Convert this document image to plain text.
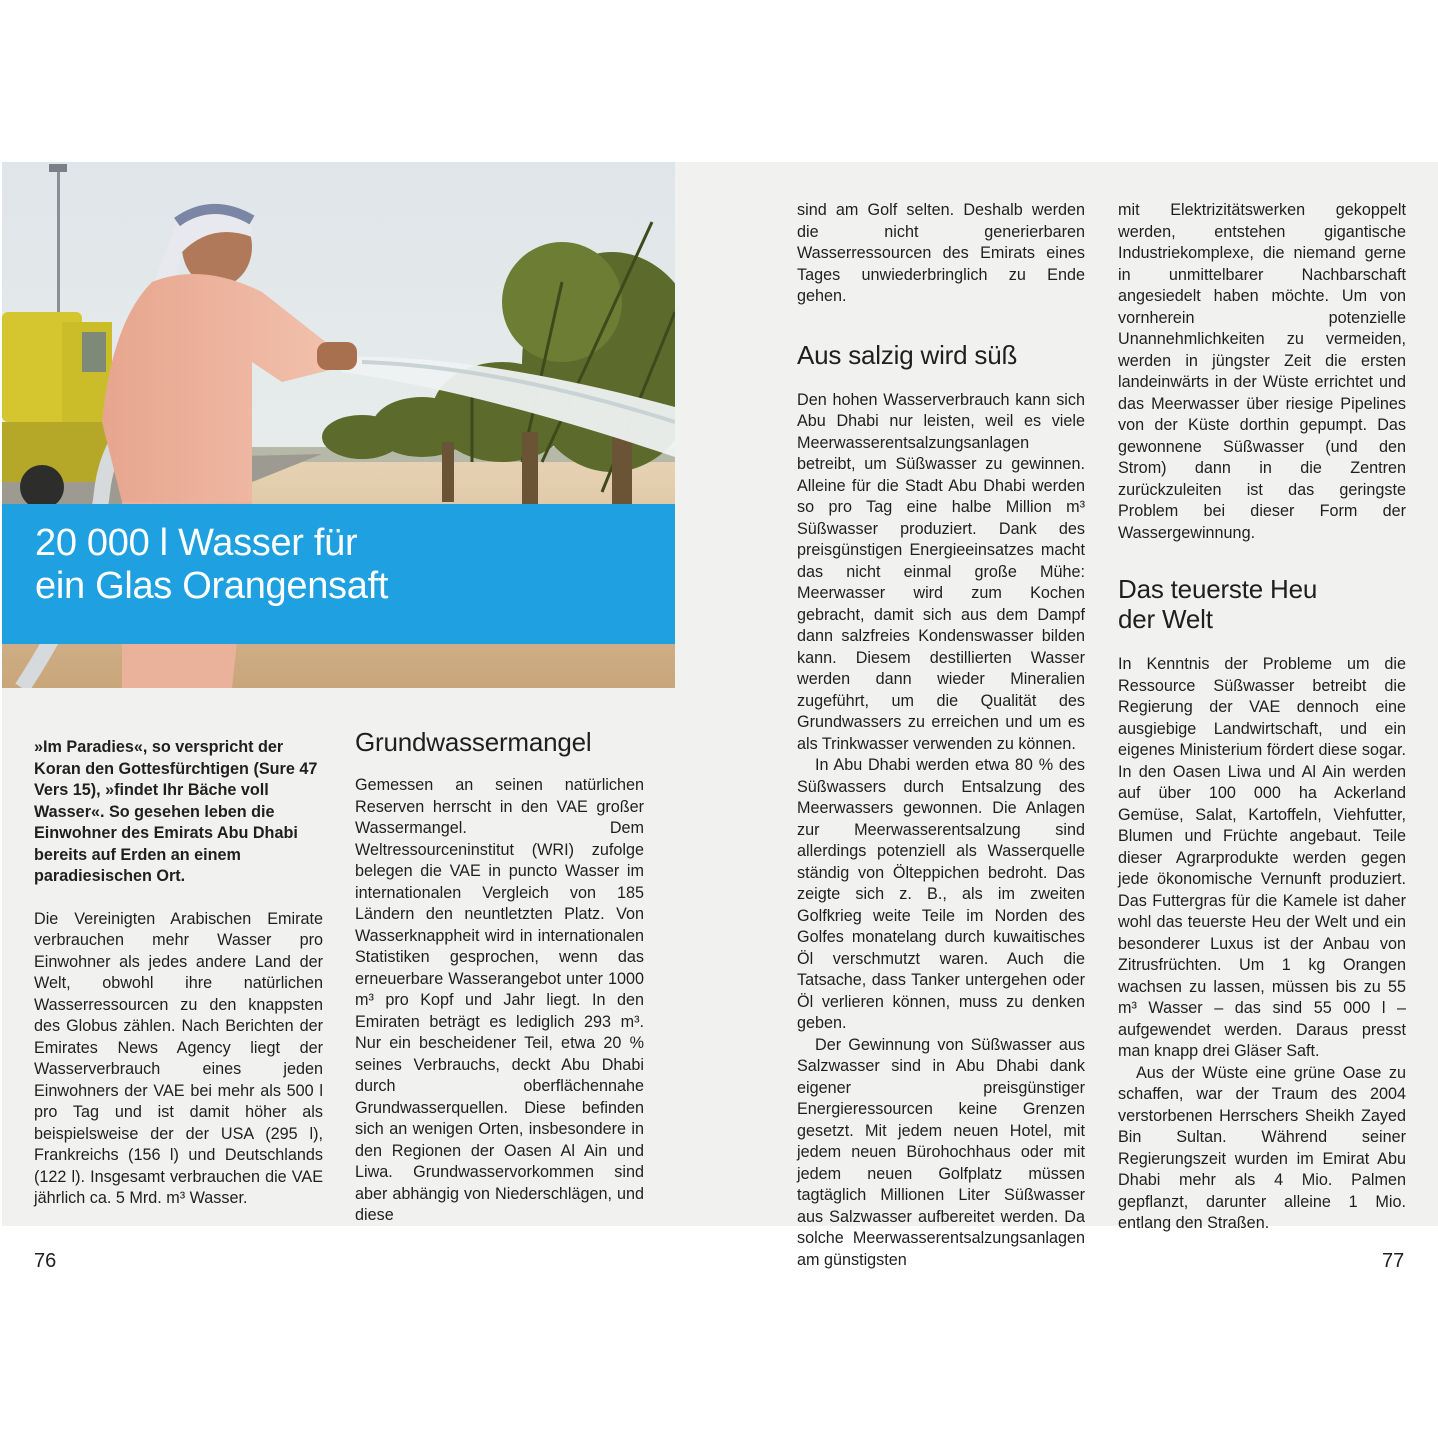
20 000 l Wasser für
ein Glas Orangensaft

»Im Paradies«, so verspricht der Koran den Gottesfürchtigen (Sure 47 Vers 15), »findet Ihr Bäche voll Wasser«. So gesehen leben die Einwohner des Emirats Abu Dhabi bereits auf Erden an einem paradiesischen Ort.

Die Vereinigten Arabischen Emirate verbrauchen mehr Wasser pro Einwohner als jedes andere Land der Welt, obwohl ihre natürlichen Wasserressourcen zu den knappsten des Globus zählen. Nach Berichten der Emirates News Agency liegt der Wasserverbrauch eines jeden Einwohners der VAE bei mehr als 500 l pro Tag und ist damit höher als beispielsweise der der USA (295 l), Frankreichs (156 l) und Deutschlands (122 l). Insgesamt verbrauchen die VAE jährlich ca. 5 Mrd. m³ Wasser.

Grundwassermangel

Gemessen an seinen natürlichen Reserven herrscht in den VAE großer Wassermangel. Dem Weltressourceninstitut (WRI) zufolge belegen die VAE in puncto Wasser im internationalen Vergleich von 185 Ländern den neuntletzten Platz. Von Wasserknappheit wird in internationalen Statistiken gesprochen, wenn das erneuerbare Wasserangebot unter 1000 m³ pro Kopf und Jahr liegt. In den Emiraten beträgt es lediglich 293 m³. Nur ein bescheidener Teil, etwa 20 % seines Verbrauchs, deckt Abu Dhabi durch oberflächennahe Grundwasserquellen. Diese befinden sich an wenigen Orten, insbesondere in den Regionen der Oasen Al Ain und Liwa. Grundwasservorkommen sind aber abhängig von Niederschlägen, und diese

sind am Golf selten. Deshalb werden die nicht generierbaren Wasserressourcen des Emirats eines Tages unwiederbringlich zu Ende gehen.

Aus salzig wird süß

Den hohen Wasserverbrauch kann sich Abu Dhabi nur leisten, weil es viele Meerwasserentsalzungsanlagen betreibt, um Süßwasser zu gewinnen. Alleine für die Stadt Abu Dhabi werden so pro Tag eine halbe Million m³ Süßwasser produziert. Dank des preisgünstigen Energieeinsatzes macht das nicht einmal große Mühe: Meerwasser wird zum Kochen gebracht, damit sich aus dem Dampf dann salzfreies Kondenswasser bilden kann. Diesem destillierten Wasser werden dann wieder Mineralien zugeführt, um die Qualität des Grundwassers zu erreichen und um es als Trinkwasser verwenden zu können.

In Abu Dhabi werden etwa 80 % des Süßwassers durch Entsalzung des Meerwassers gewonnen. Die Anlagen zur Meerwasserentsalzung sind allerdings potenziell als Wasserquelle ständig von Ölteppichen bedroht. Das zeigte sich z. B., als im zweiten Golfkrieg weite Teile im Norden des Golfes monatelang durch kuwaitisches Öl verschmutzt waren. Auch die Tatsache, dass Tanker untergehen oder Öl verlieren können, muss zu denken geben.

Der Gewinnung von Süßwasser aus Salzwasser sind in Abu Dhabi dank eigener preisgünstiger Energieressourcen keine Grenzen gesetzt. Mit jedem neuen Hotel, mit jedem neuen Bürohochhaus oder mit jedem neuen Golfplatz müssen tagtäglich Millionen Liter Süßwasser aus Salzwasser aufbereitet werden. Da solche Meerwasserentsalzungsanlagen am günstigsten

mit Elektrizitätswerken gekoppelt werden, entstehen gigantische Industriekomplexe, die niemand gerne in unmittelbarer Nachbarschaft angesiedelt haben möchte. Um von vornherein potenzielle Unannehmlichkeiten zu vermeiden, werden in jüngster Zeit die ersten landeinwärts in der Wüste errichtet und das Meerwasser über riesige Pipelines von der Küste dorthin gepumpt. Das gewonnene Süßwasser (und den Strom) dann in die Zentren zurückzuleiten ist das geringste Problem bei dieser Form der Wassergewinnung.

Das teuerste Heu
der Welt

In Kenntnis der Probleme um die Ressource Süßwasser betreibt die Regierung der VAE dennoch eine ausgiebige Landwirtschaft, und ein eigenes Ministerium fördert diese sogar. In den Oasen Liwa und Al Ain werden auf über 100 000 ha Ackerland Gemüse, Salat, Kartoffeln, Viehfutter, Blumen und Früchte angebaut. Teile dieser Agrarprodukte werden gegen jede ökonomische Vernunft produziert. Das Futtergras für die Kamele ist daher wohl das teuerste Heu der Welt und ein besonderer Luxus ist der Anbau von Zitrusfrüchten. Um 1 kg Orangen wachsen zu lassen, müssen bis zu 55 m³ Wasser – das sind 55 000 l – aufgewendet werden. Daraus presst man knapp drei Gläser Saft.

Aus der Wüste eine grüne Oase zu schaffen, war der Traum des 2004 verstorbenen Herrschers Sheikh Zayed Bin Sultan. Während seiner Regierungszeit wurden im Emirat Abu Dhabi mehr als 4 Mio. Palmen gepflanzt, darunter alleine 1 Mio. entlang den Straßen.

76	77
